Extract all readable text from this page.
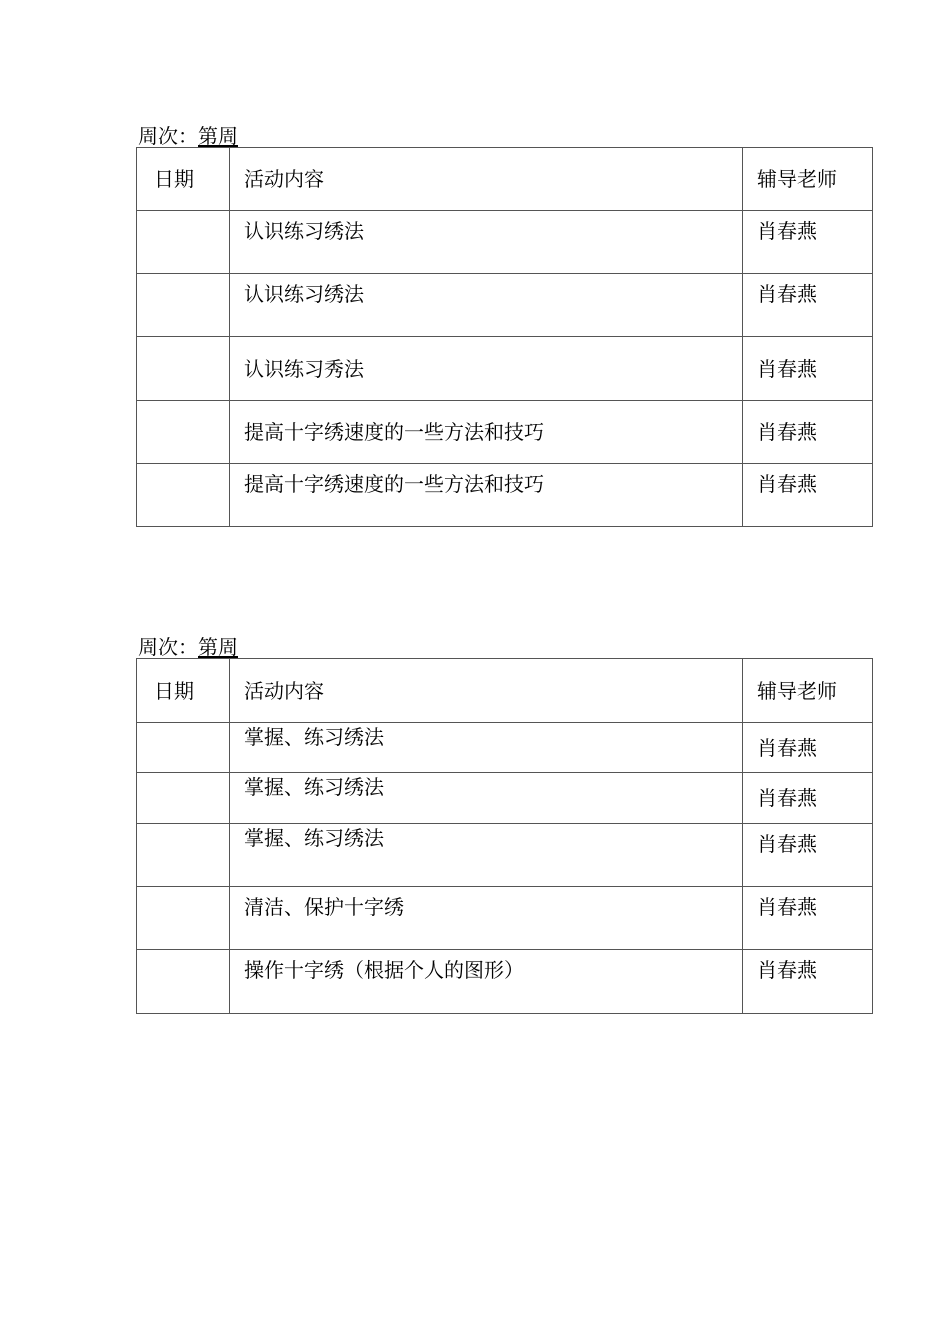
周次：第周
日期	活动内容	辅导老师
	认识练习绣法	肖春燕
	认识练习绣法	肖春燕
	认识练习秀法	肖春燕
	提高十字绣速度的一些方法和技巧	肖春燕
	提高十字绣速度的一些方法和技巧	肖春燕
周次：第周
日期	活动内容	辅导老师
	掌握、练习绣法	肖春燕
	掌握、练习绣法	肖春燕
	掌握、练习绣法	肖春燕
	清洁、保护十字绣	肖春燕
	操作十字绣（根据个人的图形）	肖春燕
